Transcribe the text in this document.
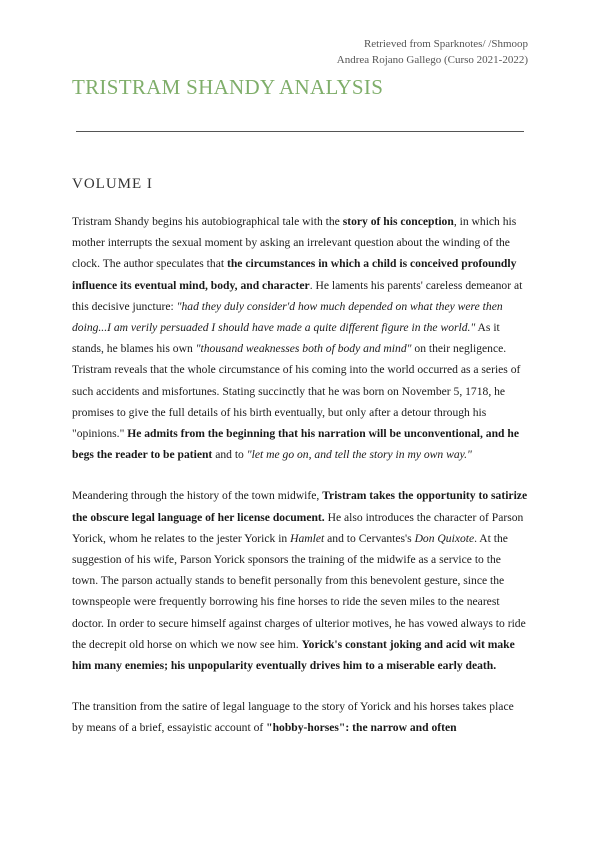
Retrieved from Sparknotes/ /Shmoop
Andrea Rojano Gallego (Curso 2021-2022)
TRISTRAM SHANDY ANALYSIS
VOLUME I

Tristram Shandy begins his autobiographical tale with the story of his conception, in which his mother interrupts the sexual moment by asking an irrelevant question about the winding of the clock. The author speculates that the circumstances in which a child is conceived profoundly influence its eventual mind, body, and character. He laments his parents' careless demeanor at this decisive juncture: "had they duly consider'd how much depended on what they were then doing...I am verily persuaded I should have made a quite different figure in the world." As it stands, he blames his own "thousand weaknesses both of body and mind" on their negligence. Tristram reveals that the whole circumstance of his coming into the world occurred as a series of such accidents and misfortunes. Stating succinctly that he was born on November 5, 1718, he promises to give the full details of his birth eventually, but only after a detour through his "opinions." He admits from the beginning that his narration will be unconventional, and he begs the reader to be patient and to "let me go on, and tell the story in my own way."

Meandering through the history of the town midwife, Tristram takes the opportunity to satirize the obscure legal language of her license document. He also introduces the character of Parson Yorick, whom he relates to the jester Yorick in Hamlet and to Cervantes's Don Quixote. At the suggestion of his wife, Parson Yorick sponsors the training of the midwife as a service to the town. The parson actually stands to benefit personally from this benevolent gesture, since the townspeople were frequently borrowing his fine horses to ride the seven miles to the nearest doctor. In order to secure himself against charges of ulterior motives, he has vowed always to ride the decrepit old horse on which we now see him. Yorick's constant joking and acid wit make him many enemies; his unpopularity eventually drives him to a miserable early death.

The transition from the satire of legal language to the story of Yorick and his horses takes place by means of a brief, essayistic account of "hobby-horses": the narrow and often
